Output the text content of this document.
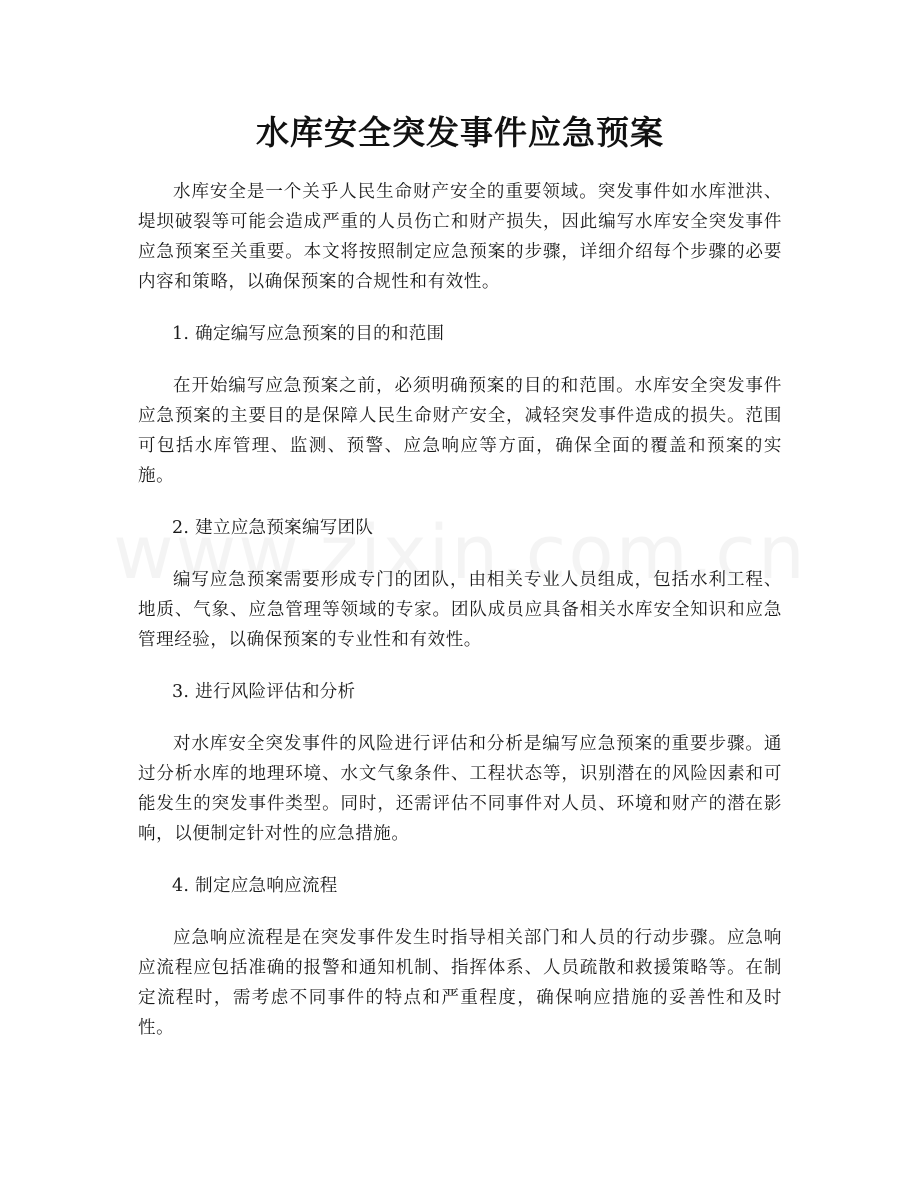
水库安全突发事件应急预案

水库安全是一个关乎人民生命财产安全的重要领域。突发事件如水库泄洪、堤坝破裂等可能会造成严重的人员伤亡和财产损失，因此编写水库安全突发事件应急预案至关重要。本文将按照制定应急预案的步骤，详细介绍每个步骤的必要内容和策略，以确保预案的合规性和有效性。

1. 确定编写应急预案的目的和范围

在开始编写应急预案之前，必须明确预案的目的和范围。水库安全突发事件应急预案的主要目的是保障人民生命财产安全，减轻突发事件造成的损失。范围可包括水库管理、监测、预警、应急响应等方面，确保全面的覆盖和预案的实施。

2. 建立应急预案编写团队

编写应急预案需要形成专门的团队，由相关专业人员组成，包括水利工程、地质、气象、应急管理等领域的专家。团队成员应具备相关水库安全知识和应急管理经验，以确保预案的专业性和有效性。

3. 进行风险评估和分析

对水库安全突发事件的风险进行评估和分析是编写应急预案的重要步骤。通过分析水库的地理环境、水文气象条件、工程状态等，识别潜在的风险因素和可能发生的突发事件类型。同时，还需评估不同事件对人员、环境和财产的潜在影响，以便制定针对性的应急措施。

4. 制定应急响应流程

应急响应流程是在突发事件发生时指导相关部门和人员的行动步骤。应急响应流程应包括准确的报警和通知机制、指挥体系、人员疏散和救援策略等。在制定流程时，需考虑不同事件的特点和严重程度，确保响应措施的妥善性和及时性。
